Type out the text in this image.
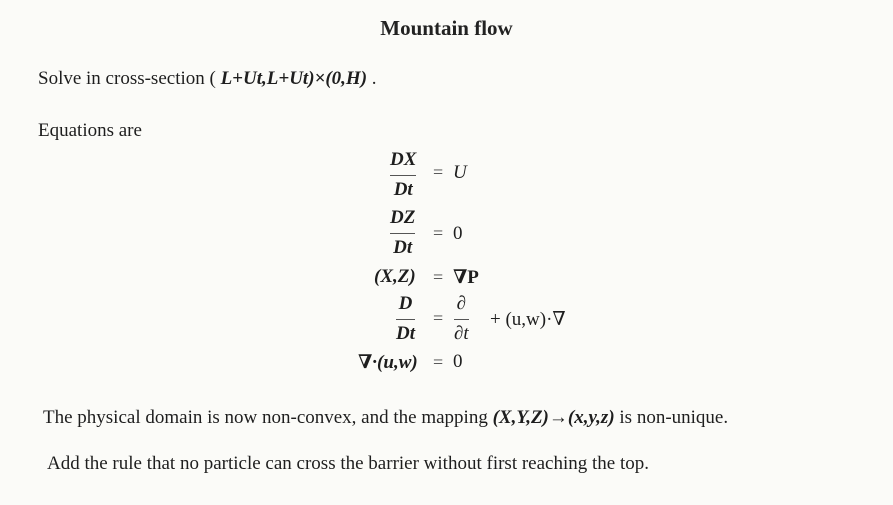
Mountain flow
Solve in cross-section ( L+Ut,L+Ut)×(0,H) .
Equations are
DX
Dt
= U
DZ
Dt
= 0
(X,Z) = ∇P
D
Dt
=
∂
∂t
+ (u,w)·∇
∇·(u,w) = 0
The physical domain is now non-convex, and the mapping (X,Y,Z)→(x,y,z) is non-unique.
Add the rule that no particle can cross the barrier without first reaching the top.
